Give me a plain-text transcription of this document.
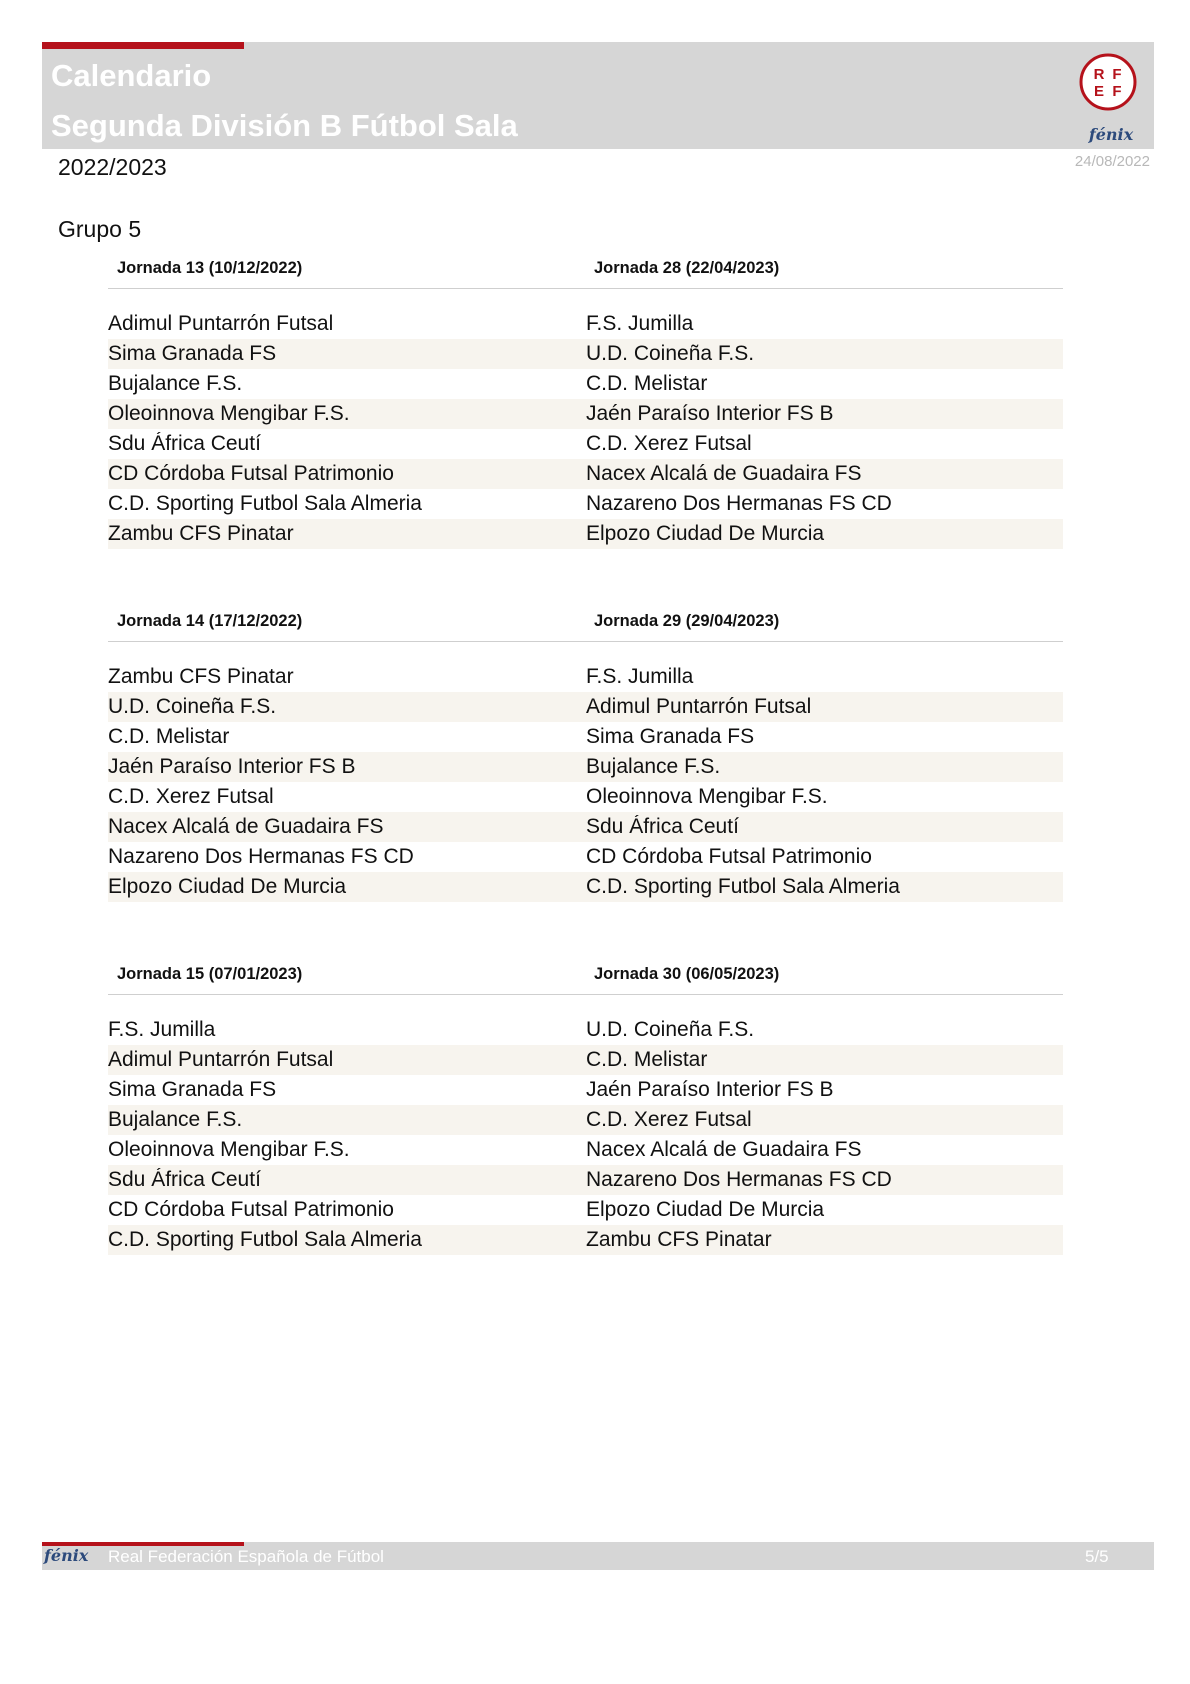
Calendario
Segunda División B Fútbol Sala
R F
E F
fénix
2022/2023	24/08/2022
Grupo 5
Jornada 13 (10/12/2022)	Jornada 28 (22/04/2023)
Adimul Puntarrón Futsal	F.S. Jumilla
Sima Granada FS	U.D. Coineña F.S.
Bujalance F.S.	C.D. Melistar
Oleoinnova Mengibar F.S.	Jaén Paraíso Interior FS B
Sdu África Ceutí	C.D. Xerez Futsal
CD Córdoba Futsal Patrimonio	Nacex Alcalá de Guadaira FS
C.D. Sporting Futbol Sala Almeria	Nazareno Dos Hermanas FS CD
Zambu CFS Pinatar	Elpozo Ciudad De Murcia
Jornada 14 (17/12/2022)	Jornada 29 (29/04/2023)
Zambu CFS Pinatar	F.S. Jumilla
U.D. Coineña F.S.	Adimul Puntarrón Futsal
C.D. Melistar	Sima Granada FS
Jaén Paraíso Interior FS B	Bujalance F.S.
C.D. Xerez Futsal	Oleoinnova Mengibar F.S.
Nacex Alcalá de Guadaira FS	Sdu África Ceutí
Nazareno Dos Hermanas FS CD	CD Córdoba Futsal Patrimonio
Elpozo Ciudad De Murcia	C.D. Sporting Futbol Sala Almeria
Jornada 15 (07/01/2023)	Jornada 30 (06/05/2023)
F.S. Jumilla	U.D. Coineña F.S.
Adimul Puntarrón Futsal	C.D. Melistar
Sima Granada FS	Jaén Paraíso Interior FS B
Bujalance F.S.	C.D. Xerez Futsal
Oleoinnova Mengibar F.S.	Nacex Alcalá de Guadaira FS
Sdu África Ceutí	Nazareno Dos Hermanas FS CD
CD Córdoba Futsal Patrimonio	Elpozo Ciudad De Murcia
C.D. Sporting Futbol Sala Almeria	Zambu CFS Pinatar
fénix Real Federación Española de Fútbol	5/5
